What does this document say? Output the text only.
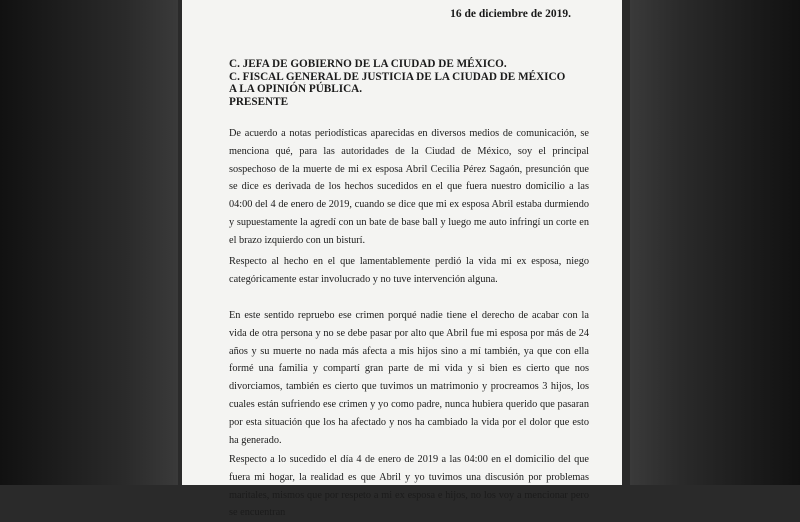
16 de diciembre de 2019.
C. JEFA DE GOBIERNO DE LA CIUDAD DE MÉXICO.
C. FISCAL GENERAL DE JUSTICIA DE LA CIUDAD DE MÉXICO
A LA OPINIÓN PÚBLICA.
PRESENTE

De acuerdo a notas periodísticas aparecidas en diversos medios de comunicación, se menciona qué, para las autoridades de la Ciudad de México, soy el principal sospechoso de la muerte de mi ex esposa Abril Cecilia Pérez Sagaón, presunción que se dice es derivada de los hechos sucedidos en el que fuera nuestro domicilio a las 04:00 del 4 de enero de 2019, cuando se dice que mi ex esposa Abril estaba durmiendo y supuestamente la agredí con un bate de base ball y luego me auto infringí un corte en el brazo izquierdo con un bisturí.

Respecto al hecho en el que lamentablemente perdió la vida mi ex esposa, niego categóricamente estar involucrado y no tuve intervención alguna.

En este sentido repruebo ese crimen porqué nadie tiene el derecho de acabar con la vida de otra persona y no se debe pasar por alto que Abril fue mi esposa por más de 24 años y su muerte no nada más afecta a mis hijos sino a mí también, ya que con ella formé una familia y compartí gran parte de mi vida y si bien es cierto que nos divorciamos, también es cierto que tuvimos un matrimonio y procreamos 3 hijos, los cuales están sufriendo ese crimen y yo como padre, nunca hubiera querido que pasaran por esta situación que los ha afectado y nos ha cambiado la vida por el dolor que esto ha generado.

Respecto a lo sucedido el día 4 de enero de 2019 a las 04:00 en el domicilio del que fuera mi hogar, la realidad es que Abril y yo tuvimos una discusión por problemas maritales, mismos que por respeto a mi ex esposa e hijos, no los voy a mencionar pero se encuentran
